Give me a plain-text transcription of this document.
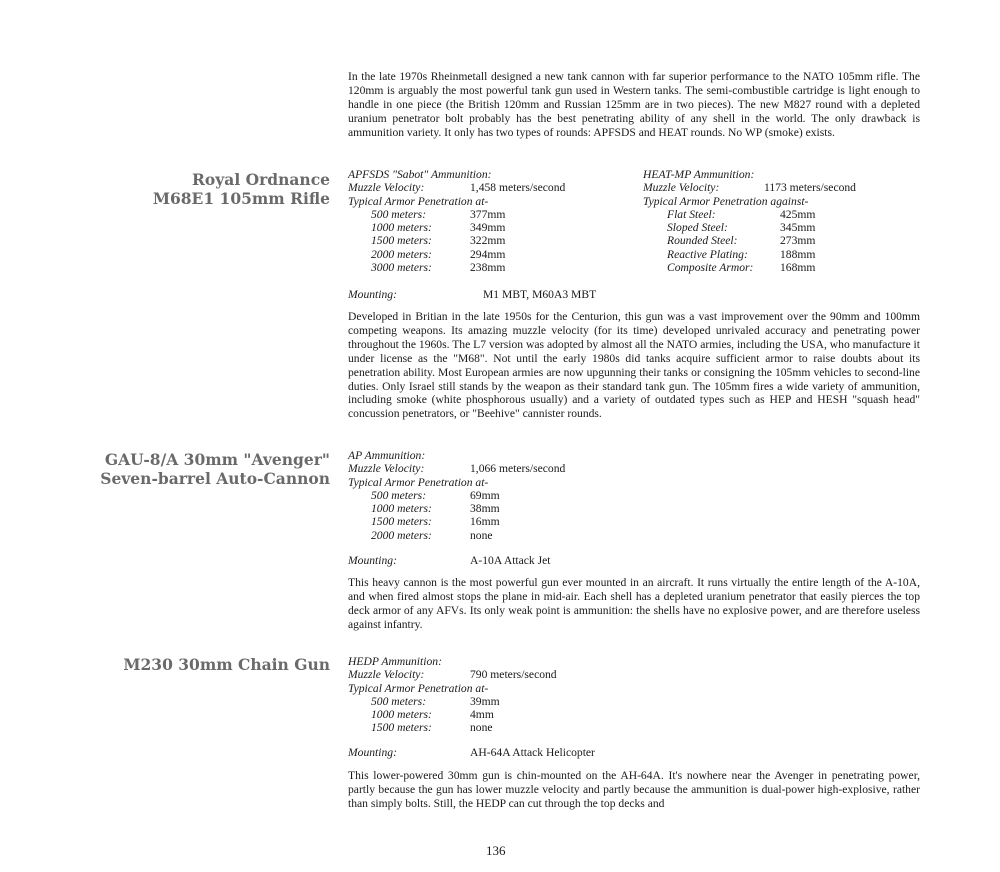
In the late 1970s Rheinmetall designed a new tank cannon with far superior performance to the NATO 105mm rifle. The 120mm is arguably the most powerful tank gun used in Western tanks. The semi-combustible cartridge is light enough to handle in one piece (the British 120mm and Russian 125mm are in two pieces). The new M827 round with a depleted uranium penetrator bolt probably has the best penetrating ability of any shell in the world. The only drawback is ammunition variety. It only has two types of rounds: APFSDS and HEAT rounds. No WP (smoke) exists.

Royal Ordnance
M68E1 105mm Rifle
APFSDS "Sabot" Ammunition:
Muzzle Velocity:	1,458 meters/second
Typical Armor Penetration at-
500 meters:	377mm
1000 meters:	349mm
1500 meters:	322mm
2000 meters:	294mm
3000 meters:	238mm
HEAT-MP Ammunition:
Muzzle Velocity:	1173 meters/second
Typical Armor Penetration against-
Flat Steel:	425mm
Sloped Steel:	345mm
Rounded Steel:	273mm
Reactive Plating:	188mm
Composite Armor:	168mm
Mounting:	M1 MBT, M60A3 MBT

Developed in Britian in the late 1950s for the Centurion, this gun was a vast improvement over the 90mm and 100mm competing weapons. Its amazing muzzle velocity (for its time) developed unrivaled accuracy and penetrating power throughout the 1960s. The L7 version was adopted by almost all the NATO armies, including the USA, who manufacture it under license as the "M68". Not until the early 1980s did tanks acquire sufficient armor to raise doubts about its penetration ability. Most European armies are now upgunning their tanks or consigning the 105mm vehicles to second-line duties. Only Israel still stands by the weapon as their standard tank gun. The 105mm fires a wide variety of ammunition, including smoke (white phosphorous usually) and a variety of outdated types such as HEP and HESH "squash head" concussion penetrators, or "Beehive" cannister rounds.

GAU-8/A 30mm "Avenger"
Seven-barrel Auto-Cannon
AP Ammunition:
Muzzle Velocity:	1,066 meters/second
Typical Armor Penetration at-
500 meters:	69mm
1000 meters:	38mm
1500 meters:	16mm
2000 meters:	none
Mounting:	A-10A Attack Jet

This heavy cannon is the most powerful gun ever mounted in an aircraft. It runs virtually the entire length of the A-10A, and when fired almost stops the plane in mid-air. Each shell has a depleted uranium penetrator that easily pierces the top deck armor of any AFVs. Its only weak point is ammunition: the shells have no explosive power, and are therefore useless against infantry.

M230 30mm Chain Gun HEDP Ammunition:
Muzzle Velocity:	790 meters/second
Typical Armor Penetration at-
500 meters:	39mm
1000 meters:	4mm
1500 meters:	none
Mounting:	AH-64A Attack Helicopter

This lower-powered 30mm gun is chin-mounted on the AH-64A. It's nowhere near the Avenger in penetrating power, partly because the gun has lower muzzle velocity and partly because the ammunition is dual-power high-explosive, rather than simply bolts. Still, the HEDP can cut through the top decks and

136
